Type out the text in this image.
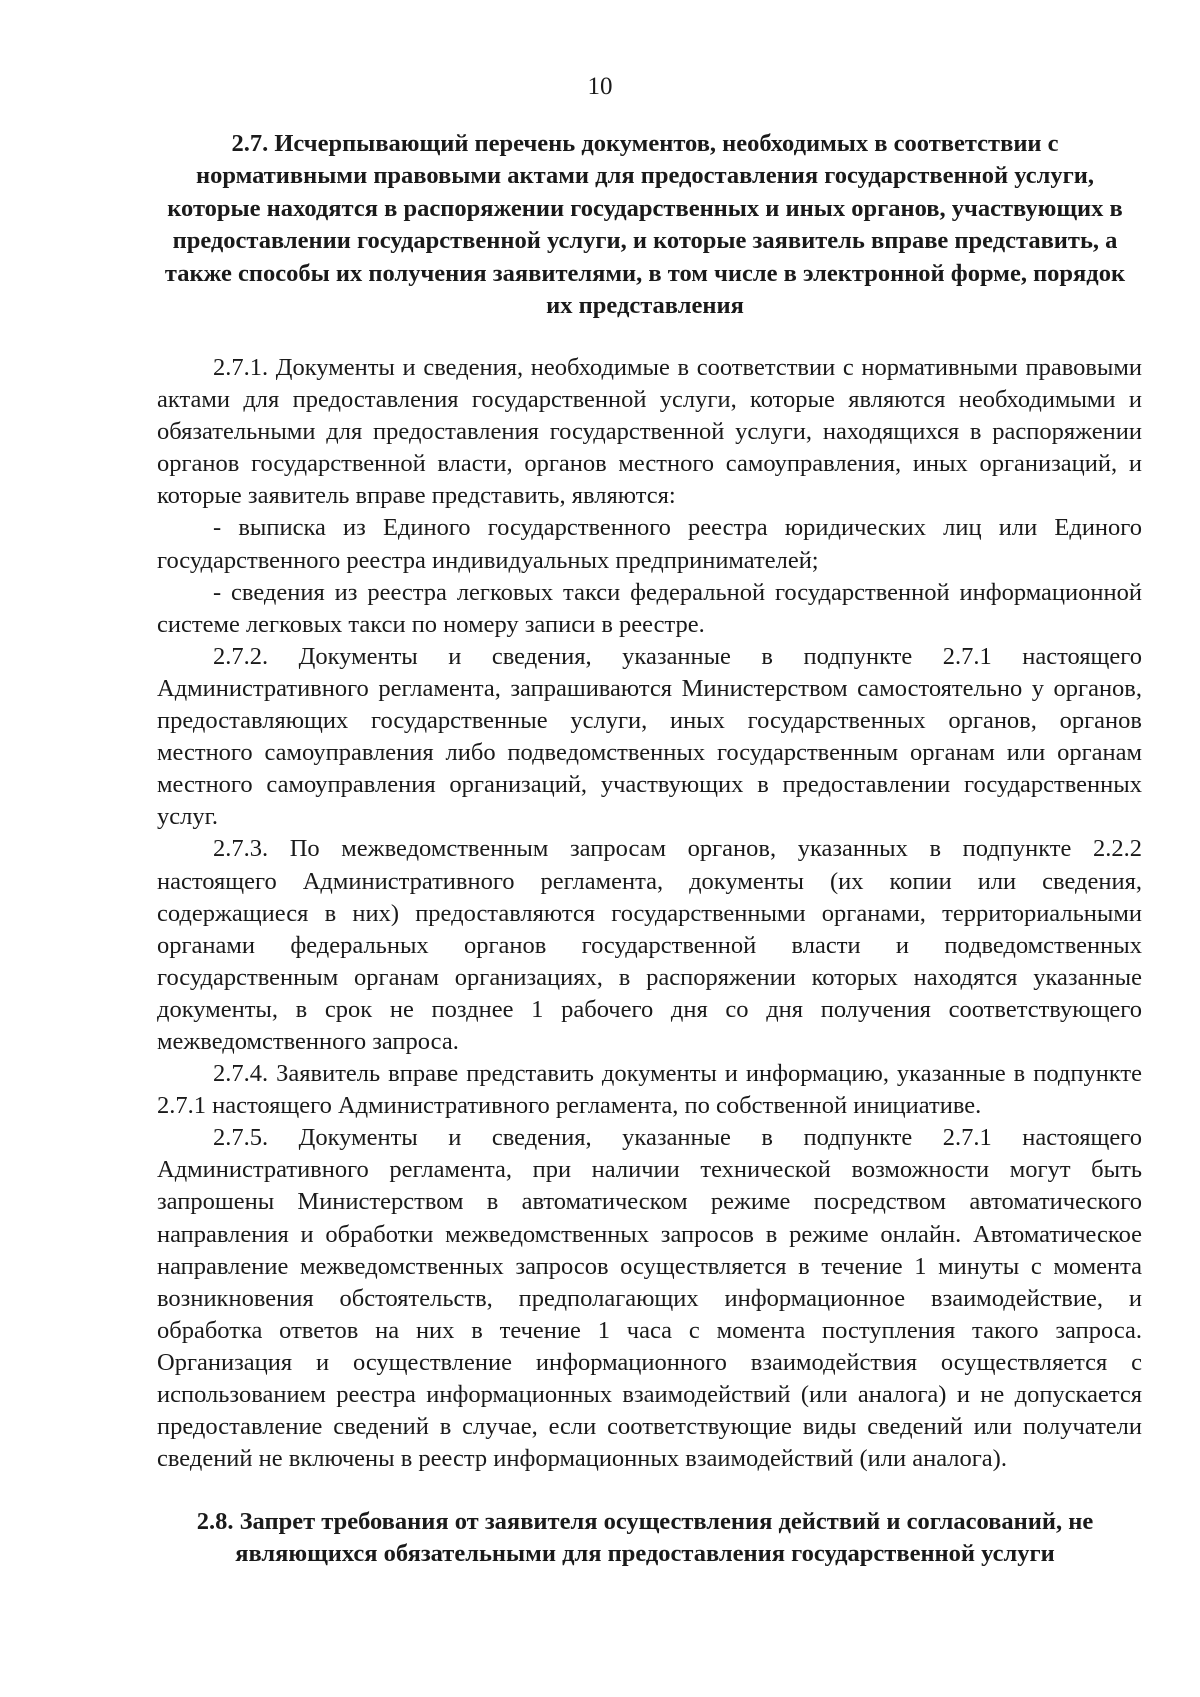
10
2.7. Исчерпывающий перечень документов, необходимых в соответствии с нормативными правовыми актами для предоставления государственной услуги, которые находятся в распоряжении государственных и иных органов, участвующих в предоставлении государственной услуги, и которые заявитель вправе представить, а также способы их получения заявителями, в том числе в электронной форме, порядок их представления

2.7.1. Документы и сведения, необходимые в соответствии с нормативными правовыми актами для предоставления государственной услуги, которые являются необходимыми и обязательными для предоставления государственной услуги, находящихся в распоряжении органов государственной власти, органов местного самоуправления, иных организаций, и которые заявитель вправе представить, являются:

- выписка из Единого государственного реестра юридических лиц или Единого государственного реестра индивидуальных предпринимателей;

- сведения из реестра легковых такси федеральной государственной информационной системе легковых такси по номеру записи в реестре.

2.7.2. Документы и сведения, указанные в подпункте 2.7.1 настоящего Административного регламента, запрашиваются Министерством самостоятельно у органов, предоставляющих государственные услуги, иных государственных органов, органов местного самоуправления либо подведомственных государственным органам или органам местного самоуправления организаций, участвующих в предоставлении государственных услуг.

2.7.3. По межведомственным запросам органов, указанных в подпункте 2.2.2 настоящего Административного регламента, документы (их копии или сведения, содержащиеся в них) предоставляются государственными органами, территориальными органами федеральных органов государственной власти и подведомственных государственным органам организациях, в распоряжении которых находятся указанные документы, в срок не позднее 1 рабочего дня со дня получения соответствующего межведомственного запроса.

2.7.4. Заявитель вправе представить документы и информацию, указанные в подпункте 2.7.1 настоящего Административного регламента, по собственной инициативе.

2.7.5. Документы и сведения, указанные в подпункте 2.7.1 настоящего Административного регламента, при наличии технической возможности могут быть запрошены Министерством в автоматическом режиме посредством автоматического направления и обработки межведомственных запросов в режиме онлайн. Автоматическое направление межведомственных запросов осуществляется в течение 1 минуты с момента возникновения обстоятельств, предполагающих информационное взаимодействие, и обработка ответов на них в течение 1 часа с момента поступления такого запроса. Организация и осуществление информационного взаимодействия осуществляется с использованием реестра информационных взаимодействий (или аналога) и не допускается предоставление сведений в случае, если соответствующие виды сведений или получатели сведений не включены в реестр информационных взаимодействий (или аналога).

2.8. Запрет требования от заявителя осуществления действий и согласований, не являющихся обязательными для предоставления государственной услуги
